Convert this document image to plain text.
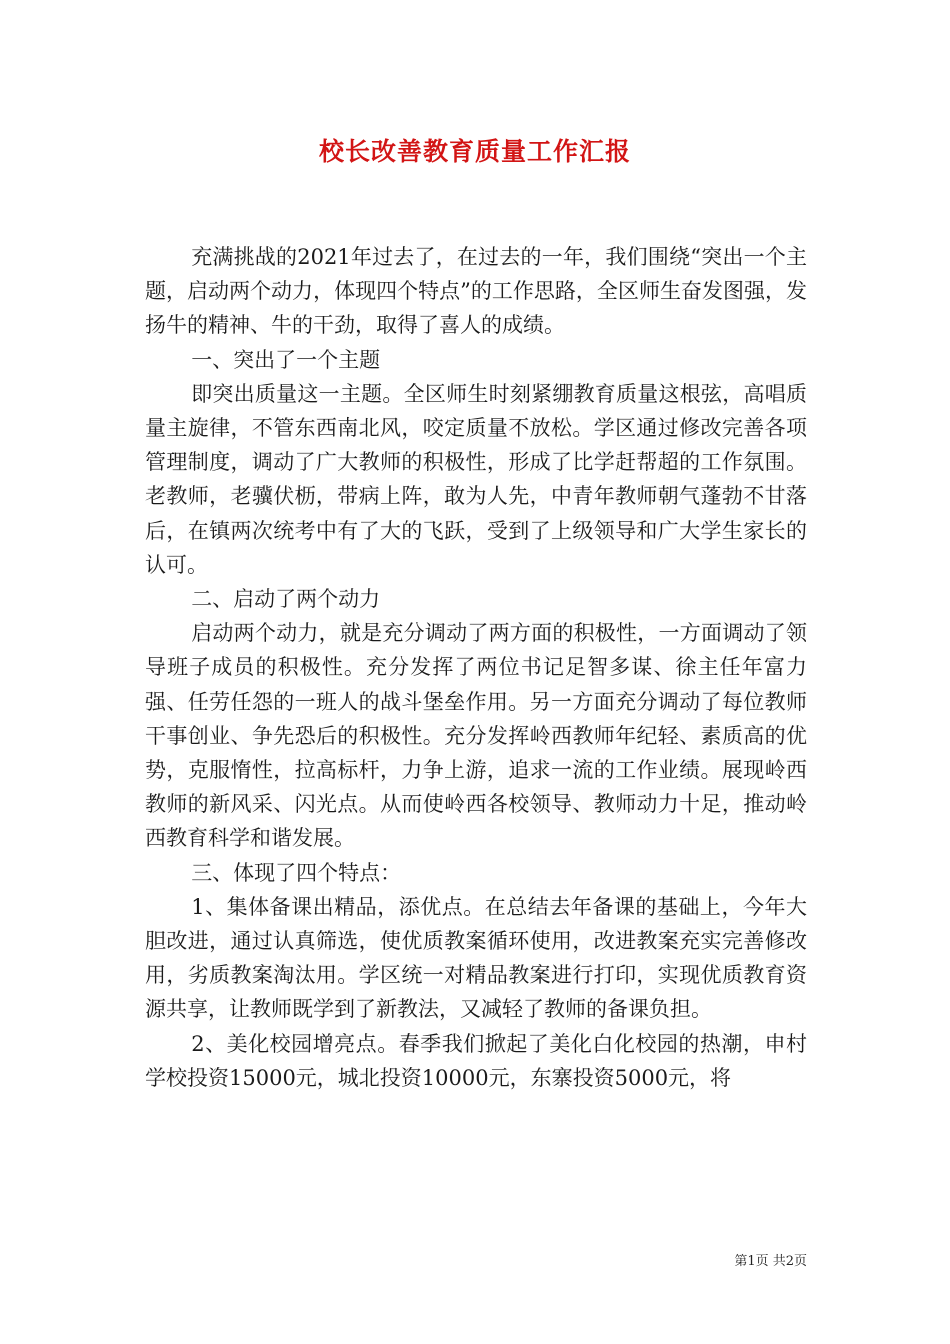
校长改善教育质量工作汇报

充满挑战的2021年过去了，在过去的一年，我们围绕“突出一个主题，启动两个动力，体现四个特点”的工作思路，全区师生奋发图强，发扬牛的精神、牛的干劲，取得了喜人的成绩。

一、突出了一个主题

即突出质量这一主题。全区师生时刻紧绷教育质量这根弦，高唱质量主旋律，不管东西南北风，咬定质量不放松。学区通过修改完善各项管理制度，调动了广大教师的积极性，形成了比学赶帮超的工作氛围。老教师，老骥伏枥，带病上阵，敢为人先，中青年教师朝气蓬勃不甘落后，在镇两次统考中有了大的飞跃，受到了上级领导和广大学生家长的认可。

二、启动了两个动力

启动两个动力，就是充分调动了两方面的积极性，一方面调动了领导班子成员的积极性。充分发挥了两位书记足智多谋、徐主任年富力强、任劳任怨的一班人的战斗堡垒作用。另一方面充分调动了每位教师干事创业、争先恐后的积极性。充分发挥岭西教师年纪轻、素质高的优势，克服惰性，拉高标杆，力争上游，追求一流的工作业绩。展现岭西教师的新风采、闪光点。从而使岭西各校领导、教师动力十足，推动岭西教育科学和谐发展。

三、体现了四个特点：

1、集体备课出精品，添优点。在总结去年备课的基础上，今年大胆改进，通过认真筛选，使优质教案循环使用，改进教案充实完善修改用，劣质教案淘汰用。学区统一对精品教案进行打印，实现优质教育资源共享，让教师既学到了新教法，又减轻了教师的备课负担。

2、美化校园增亮点。春季我们掀起了美化白化校园的热潮，申村学校投资15000元，城北投资10000元，东寨投资5000元，将

第1页 共2页
